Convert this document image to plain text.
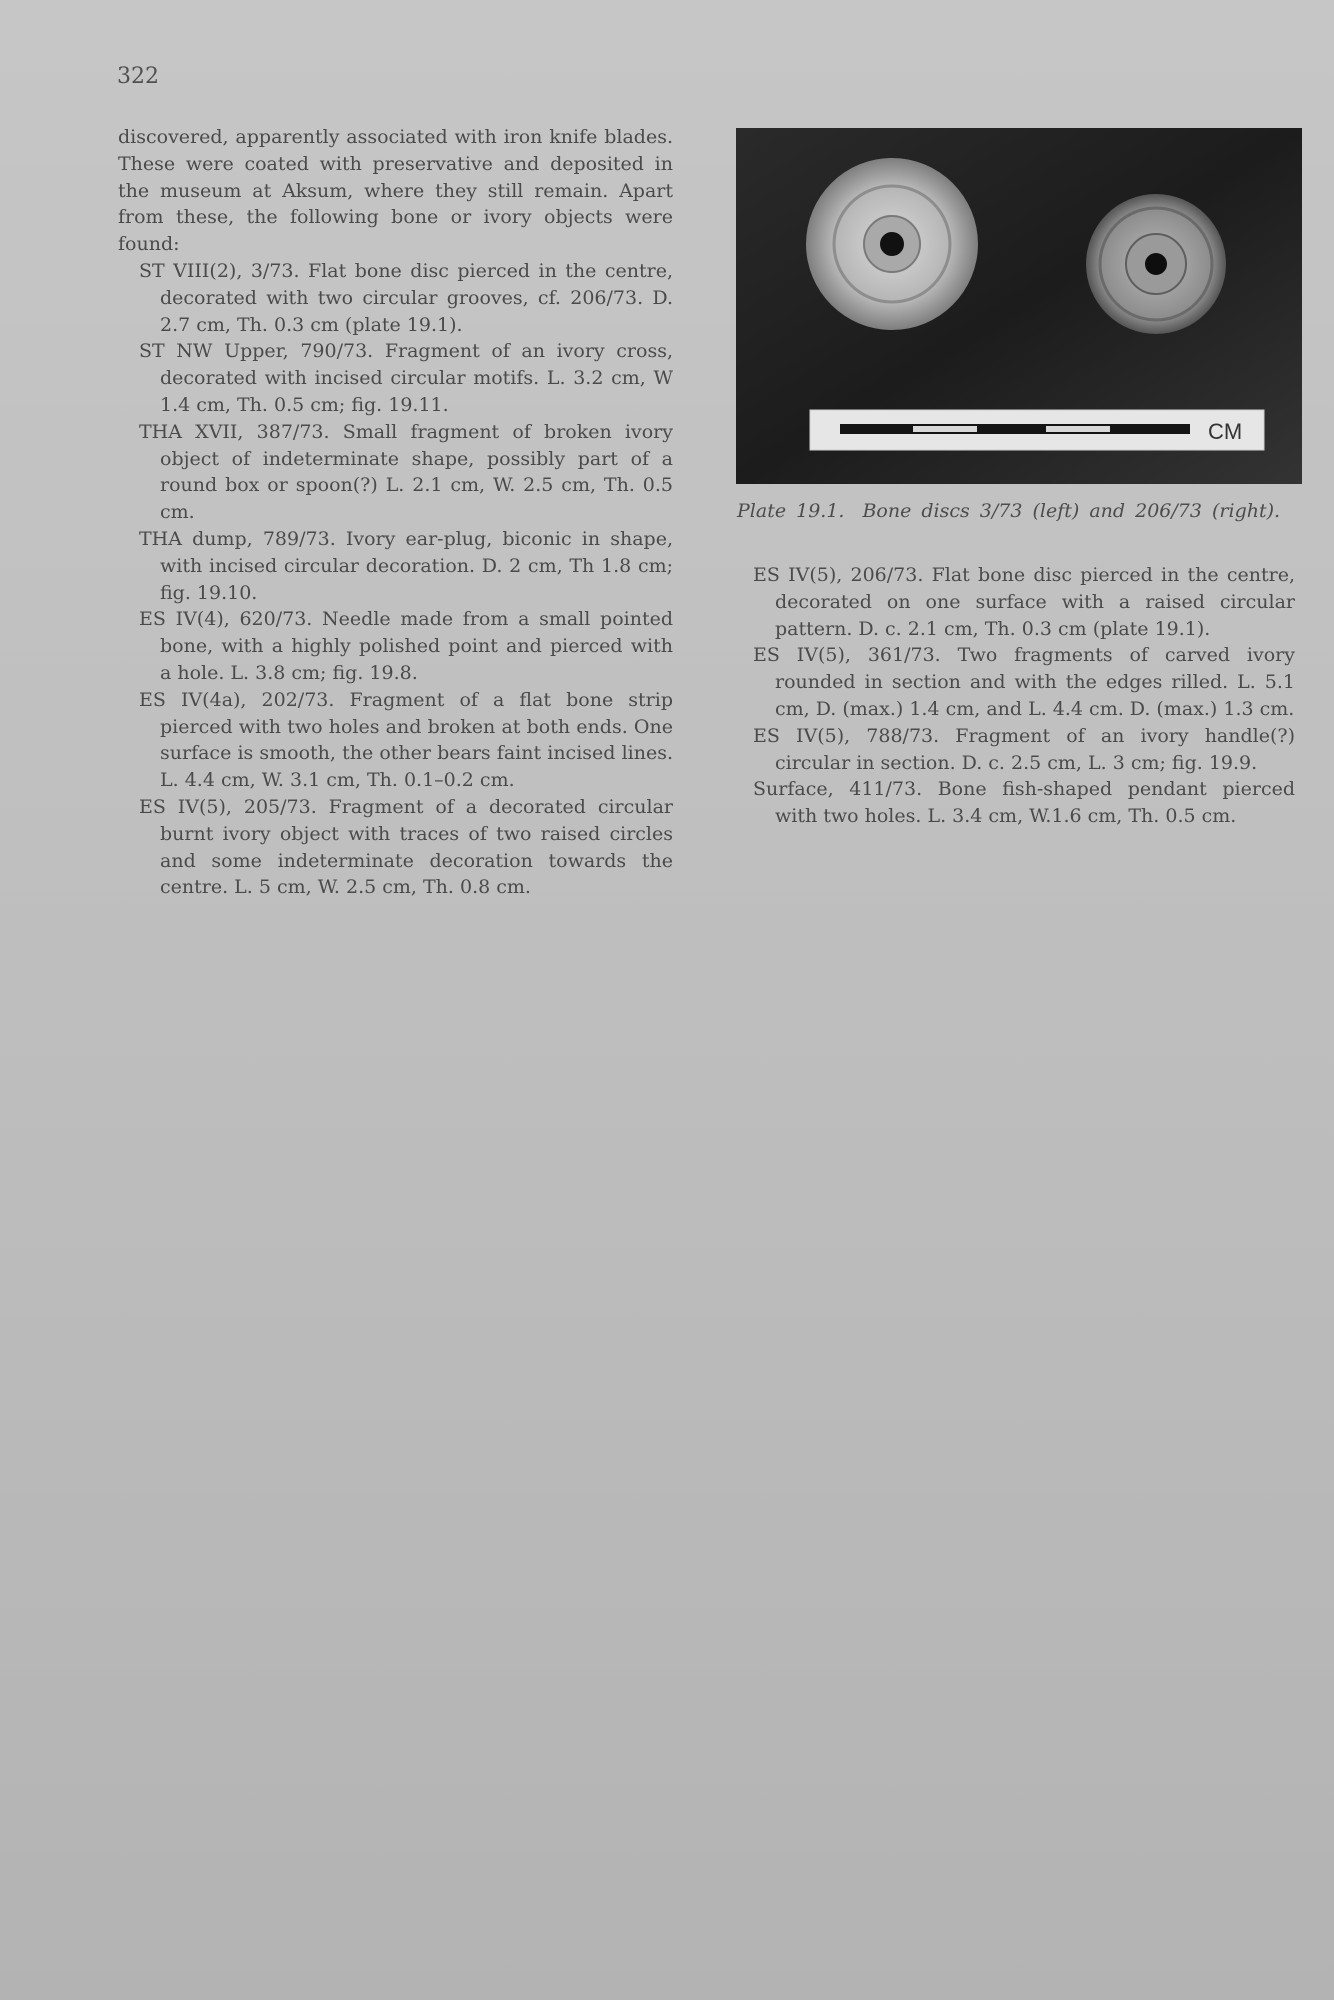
322

discovered, apparently associated with iron knife blades. These were coated with preservative and deposited in the museum at Aksum, where they still remain. Apart from these, the following bone or ivory objects were found:

ST VIII(2), 3/73. Flat bone disc pierced in the centre, decorated with two circular grooves, cf. 206/73. D. 2.7 cm, Th. 0.3 cm (plate 19.1).

ST NW Upper, 790/73. Fragment of an ivory cross, decorated with incised circular motifs. L. 3.2 cm, W 1.4 cm, Th. 0.5 cm; fig. 19.11.

THA XVII, 387/73. Small fragment of broken ivory object of indeterminate shape, possibly part of a round box or spoon(?) L. 2.1 cm, W. 2.5 cm, Th. 0.5 cm.

THA dump, 789/73. Ivory ear-plug, biconic in shape, with incised circular decoration. D. 2 cm, Th 1.8 cm; fig. 19.10.

ES IV(4), 620/73. Needle made from a small pointed bone, with a highly polished point and pierced with a hole. L. 3.8 cm; fig. 19.8.

ES IV(4a), 202/73. Fragment of a flat bone strip pierced with two holes and broken at both ends. One surface is smooth, the other bears faint incised lines. L. 4.4 cm, W. 3.1 cm, Th. 0.1–0.2 cm.

ES IV(5), 205/73. Fragment of a decorated circular burnt ivory object with traces of two raised circles and some indeterminate decoration towards the centre. L. 5 cm, W. 2.5 cm, Th. 0.8 cm.

CM
Plate 19.1. Bone discs 3/73 (left) and 206/73 (right).

ES IV(5), 206/73. Flat bone disc pierced in the centre, decorated on one surface with a raised circular pattern. D. c. 2.1 cm, Th. 0.3 cm (plate 19.1).

ES IV(5), 361/73. Two fragments of carved ivory rounded in section and with the edges rilled. L. 5.1 cm, D. (max.) 1.4 cm, and L. 4.4 cm. D. (max.) 1.3 cm.

ES IV(5), 788/73. Fragment of an ivory handle(?) circular in section. D. c. 2.5 cm, L. 3 cm; fig. 19.9.

Surface, 411/73. Bone fish-shaped pendant pierced with two holes. L. 3.4 cm, W.1.6 cm, Th. 0.5 cm.
